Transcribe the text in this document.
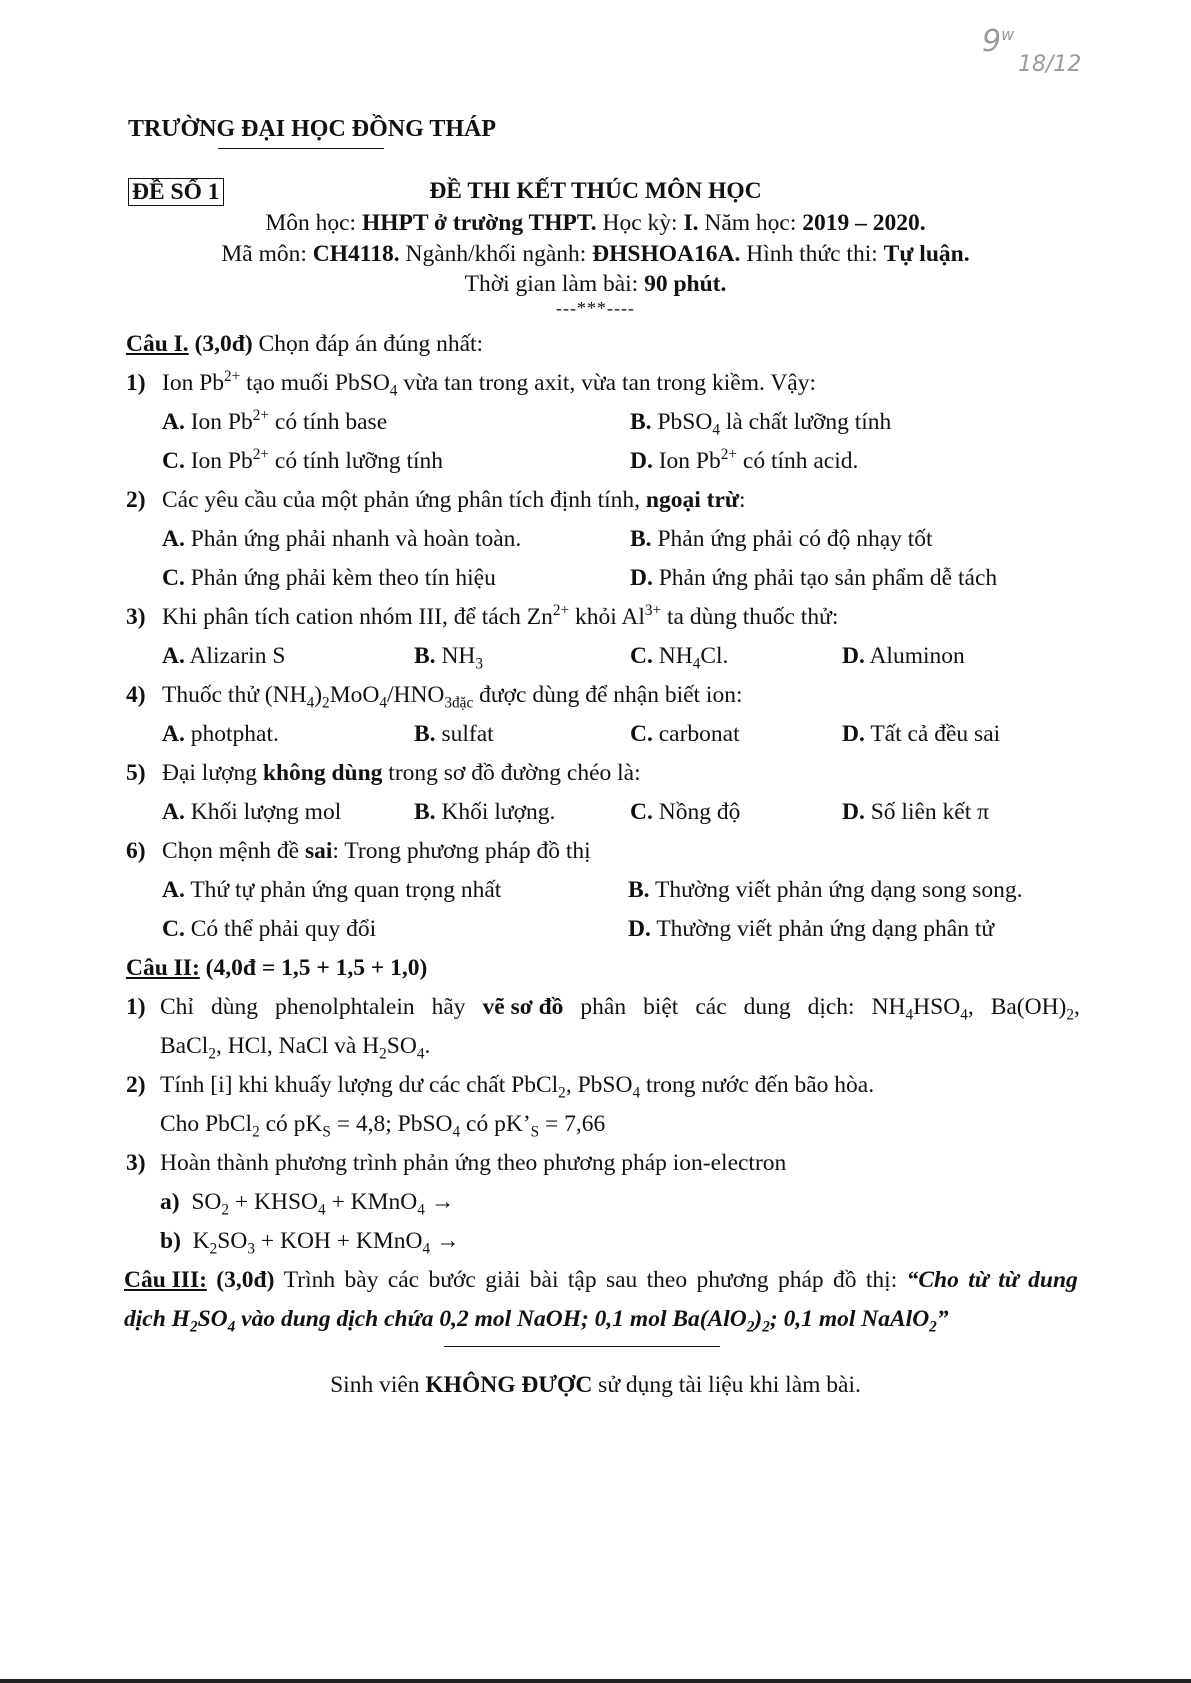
9$^w$
18/12
TRƯỜNG ĐẠI HỌC ĐỒNG THÁP
ĐỀ SỐ 1	ĐỀ THI KẾT THÚC MÔN HỌC
Môn học: HHPT ở trường THPT. Học kỳ: I. Năm học: 2019 – 2020.
Mã môn: CH4118. Ngành/khối ngành: ĐHSHOA16A. Hình thức thi: Tự luận.
Thời gian làm bài: 90 phút.
---***----
Câu I. (3,0đ) Chọn đáp án đúng nhất:
1) Ion $Pb^{2+}$ tạo muối PbSO$_4$ vừa tan trong axit, vừa tan trong kiềm. Vậy:
A. Ion $Pb^{2+}$ có tính base	B. PbSO$_4$ là chất lưỡng tính
C. Ion $Pb^{2+}$ có tính lưỡng tính	D. Ion $Pb^{2+}$ có tính acid.
2) Các yêu cầu của một phản ứng phân tích định tính, ngoại trừ:
A. Phản ứng phải nhanh và hoàn toàn.	B. Phản ứng phải có độ nhạy tốt
C. Phản ứng phải kèm theo tín hiệu	D. Phản ứng phải tạo sản phẩm dễ tách
3) Khi phân tích cation nhóm III, để tách $Zn^{2+}$ khỏi $Al^{3+}$ ta dùng thuốc thử:
A. Alizarin S	B. $NH_3$	C. $NH_4Cl$.	D. Aluminon
4) Thuốc thử $(NH_4)_2MoO_4/HNO_{3đặc}$ được dùng để nhận biết ion:
A. photphat.	B. sulfat	C. carbonat	D. Tất cả đều sai
5) Đại lượng không dùng trong sơ đồ đường chéo là:
A. Khối lượng mol	B. Khối lượng.	C. Nồng độ	D. Số liên kết π
6) Chọn mệnh đề sai: Trong phương pháp đồ thị
A. Thứ tự phản ứng quan trọng nhất	B. Thường viết phản ứng dạng song song.
C. Có thể phải quy đổi	D. Thường viết phản ứng dạng phân tử
Câu II: (4,0đ = 1,5 + 1,5 + 1,0)
1) Chỉ dùng phenolphtalein hãy vẽ sơ đồ phân biệt các dung dịch: $NH_4HSO_4$, $Ba(OH)_2$,
BaCl$_2$, HCl, NaCl và $H_2SO_4$.
2) Tính [i] khi khuấy lượng dư các chất PbCl$_2$, PbSO$_4$ trong nước đến bão hòa.
Cho PbCl$_2$ có $pK_S = 4,8$; PbSO$_4$ có $pK’_S = 7,66$
3) Hoàn thành phương trình phản ứng theo phương pháp ion-electron
a)  $SO_2$ + $KHSO_4$ + KMnO$_4$ →
b)  $K_2SO_3$ + KOH + KMnO$_4$ →
Câu III: (3,0đ) Trình bày các bước giải bài tập sau theo phương pháp đồ thị: “Cho từ từ dung
dịch $H_2SO_4$ vào dung dịch chứa 0,2 mol NaOH; 0,1 mol $Ba(AlO_2)_2$; 0,1 mol NaAlO$_2$”
Sinh viên KHÔNG ĐƯỢC sử dụng tài liệu khi làm bài.
